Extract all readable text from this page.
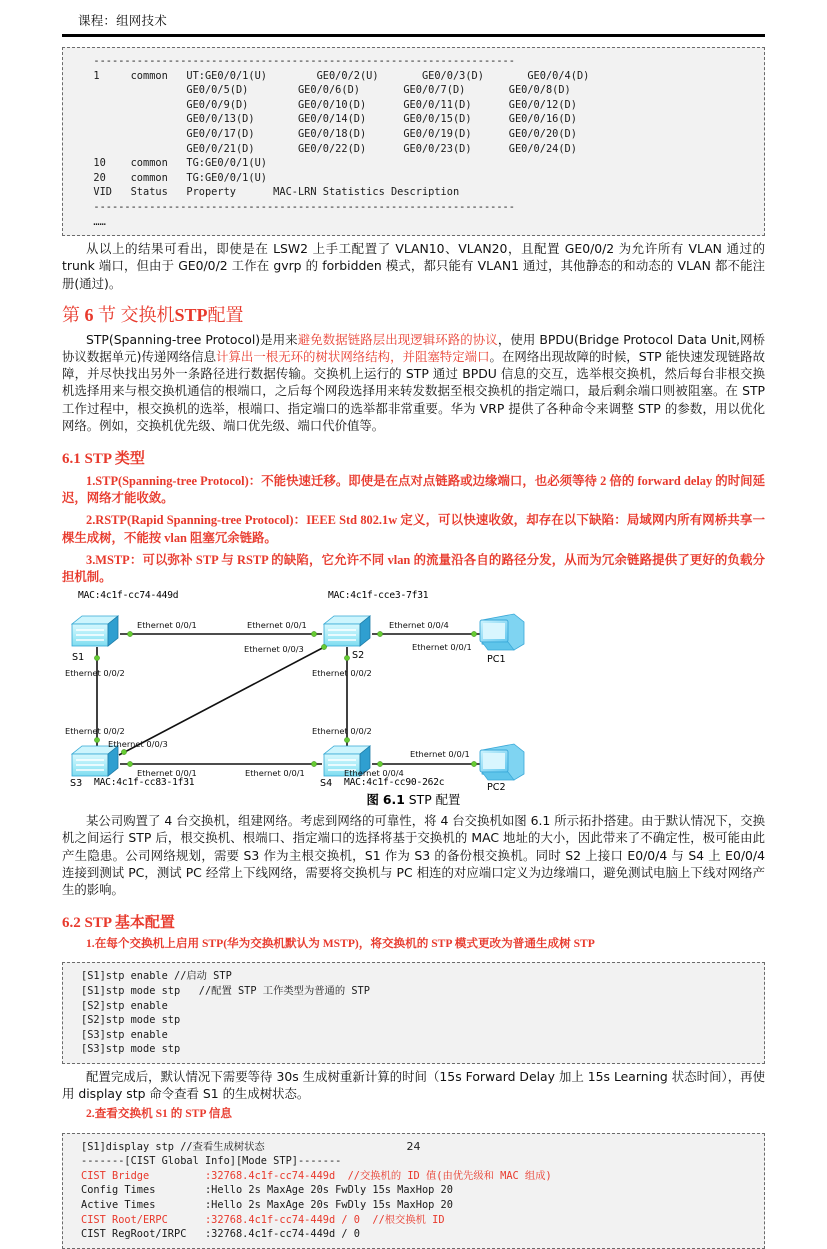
课程：组网技术
--------------------------------------------------------------------
1     common   UT:GE0/0/1(U)        GE0/0/2(U)       GE0/0/3(D)       GE0/0/4(D)
GE0/0/5(D)        GE0/0/6(D)       GE0/0/7(D)       GE0/0/8(D)
GE0/0/9(D)        GE0/0/10(D)      GE0/0/11(D)      GE0/0/12(D)
GE0/0/13(D)       GE0/0/14(D)      GE0/0/15(D)      GE0/0/16(D)
GE0/0/17(D)       GE0/0/18(D)      GE0/0/19(D)      GE0/0/20(D)
GE0/0/21(D)       GE0/0/22(D)      GE0/0/23(D)      GE0/0/24(D)
10    common   TG:GE0/0/1(U)
20    common   TG:GE0/0/1(U)
VID   Status   Property      MAC-LRN Statistics Description
--------------------------------------------------------------------
……

从以上的结果可看出，即使是在 LSW2 上手工配置了 VLAN10、VLAN20，且配置 GE0/0/2 为允许所有 VLAN 通过的 trunk 端口，但由于 GE0/0/2 工作在 gvrp 的 forbidden 模式，都只能有 VLAN1 通过，其他静态的和动态的 VLAN 都不能注册(通过)。

第 6 节 交换机STP配置

STP(Spanning-tree Protocol)是用来避免数据链路层出现逻辑环路的协议，使用 BPDU(Bridge Protocol Data Unit,网桥协议数据单元)传递网络信息计算出一根无环的树状网络结构，并阻塞特定端口。在网络出现故障的时候，STP 能快速发现链路故障，并尽快找出另外一条路径进行数据传输。交换机上运行的 STP 通过 BPDU 信息的交互，选举根交换机，然后每台非根交换机选择用来与根交换机通信的根端口，之后每个网段选择用来转发数据至根交换机的指定端口，最后剩余端口则被阻塞。在 STP 工作过程中，根交换机的选举，根端口、指定端口的选举都非常重要。华为 VRP 提供了各种命令来调整 STP 的参数，用以优化网络。例如，交换机优先级、端口优先级、端口代价值等。

6.1 STP 类型
1.STP(Spanning-tree Protocol)：不能快速迁移。即使是在点对点链路或边缘端口，也必须等待 2 倍的 forward delay 的时间延迟，网络才能收敛。
2.RSTP(Rapid Spanning-tree Protocol)：IEEE Std 802.1w 定义，可以快速收敛，却存在以下缺陷：局域网内所有网桥共享一棵生成树，不能按 vlan 阻塞冗余链路。
3.MSTP：可以弥补 STP 与 RSTP 的缺陷，它允许不同 vlan 的流量沿各自的路径分发，从而为冗余链路提供了更好的负载分担机制。
MAC:4c1f-cc74-449d	MAC:4c1f-cce3-7f31
S1	S2
S3 MAC:4c1f-cc83-1f31	S4 MAC:4c1f-cc90-262c
PC1
PC2
Ethernet 0/0/1	Ethernet 0/0/1	Ethernet 0/0/4
Ethernet 0/0/1
Ethernet 0/0/3
Ethernet 0/0/2	Ethernet 0/0/2
Ethernet 0/0/2	Ethernet 0/0/2
Ethernet 0/0/3
Ethernet 0/0/1	Ethernet 0/0/1	Ethernet 0/0/4
Ethernet 0/0/1
图 6.1 STP 配置

某公司购置了 4 台交换机，组建网络。考虑到网络的可靠性，将 4 台交换机如图 6.1 所示拓扑搭建。由于默认情况下，交换机之间运行 STP 后，根交换机、根端口、指定端口的选择将基于交换机的 MAC 地址的大小，因此带来了不确定性，极可能由此产生隐患。公司网络规划，需要 S3 作为主根交换机，S1 作为 S3 的备份根交换机。同时 S2 上接口 E0/0/4 与 S4 上 E0/0/4 连接到测试 PC，测试 PC 经常上下线网络，需要将交换机与 PC 相连的对应端口定义为边缘端口，避免测试电脑上下线对网络产生的影响。

6.2 STP 基本配置
1.在每个交换机上启用 STP(华为交换机默认为 MSTP)，将交换机的 STP 模式更改为普通生成树 STP
[S1]stp enable //启动 STP
[S1]stp mode stp   //配置 STP 工作类型为普通的 STP
[S2]stp enable
[S2]stp mode stp
[S3]stp enable
[S3]stp mode stp

配置完成后，默认情况下需要等待 30s 生成树重新计算的时间（15s Forward Delay 加上 15s Learning 状态时间），再使用 display stp 命令查看 S1 的生成树状态。

2.查看交换机 S1 的 STP 信息
[S1]display stp //查看生成树状态
-------[CIST Global Info][Mode STP]-------
CIST Bridge         :32768.4c1f-cc74-449d  //交换机的 ID 值(由优先级和 MAC 组成)
Config Times        :Hello 2s MaxAge 20s FwDly 15s MaxHop 20
Active Times        :Hello 2s MaxAge 20s FwDly 15s MaxHop 20
CIST Root/ERPC      :32768.4c1f-cc74-449d / 0  //根交换机 ID
CIST RegRoot/IRPC   :32768.4c1f-cc74-449d / 0
24
